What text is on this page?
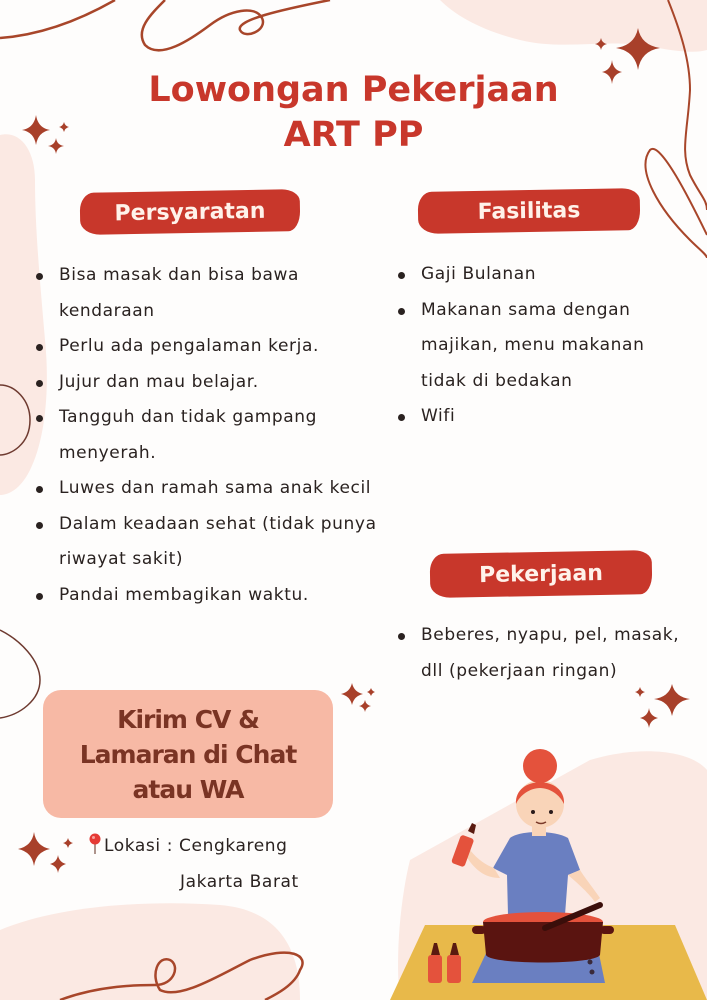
Lowongan Pekerjaan
ART PP
Persyaratan	Fasilitas
Pekerjaan
Bisa masak dan bisa bawa kendaraan
Perlu ada pengalaman kerja.
Jujur dan mau belajar.
Tangguh dan tidak gampang menyerah.
Luwes dan ramah sama anak kecil
Dalam keadaan sehat (tidak punya riwayat sakit)
Pandai membagikan waktu.
Gaji Bulanan
Makanan sama dengan majikan, menu makanan tidak di bedakan
Wifi
Beberes, nyapu, pel, masak, dll (pekerjaan ringan)
Kirim CV &
Lamaran di Chat
atau WA
Lokasi : Cengkareng
Jakarta Barat
